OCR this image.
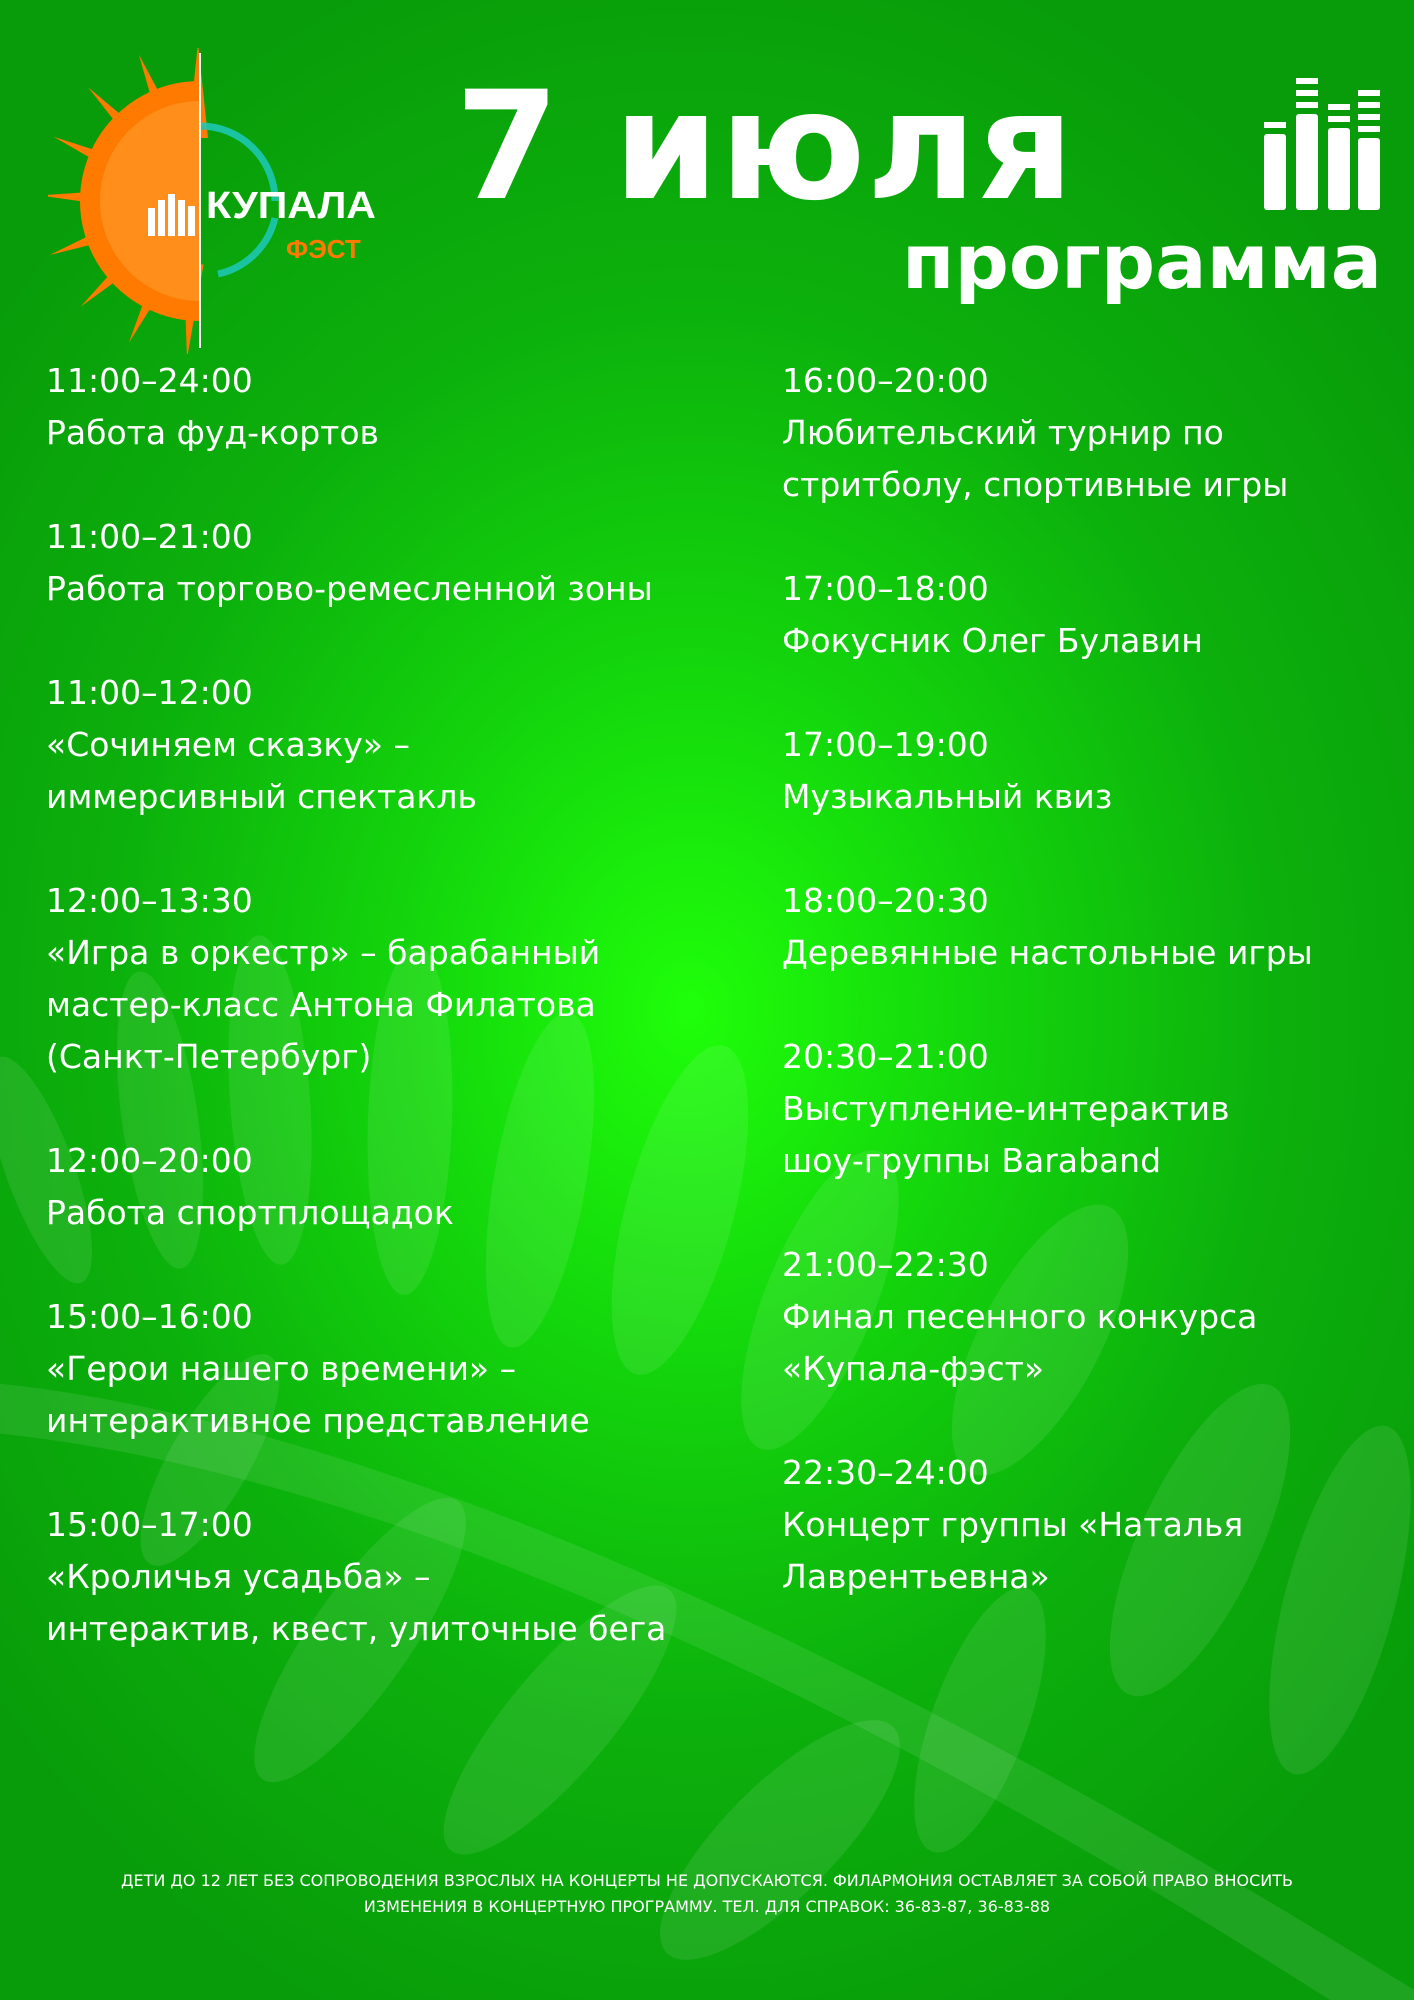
КУПАЛА
ФЭСТ
7 июля
программа
11:00–24:00
Работа фуд-кортов
11:00–21:00
Работа торгово-ремесленной зоны
11:00–12:00
«Сочиняем сказку» –
иммерсивный спектакль
12:00–13:30
«Игра в оркестр» – барабанный
мастер-класс Антона Филатова
(Санкт-Петербург)
12:00–20:00
Работа спортплощадок
15:00–16:00
«Герои нашего времени» –
интерактивное представление
15:00–17:00
«Кроличья усадьба» –
интерактив, квест, улиточные бега
16:00–20:00
Любительский турнир по
стритболу, спортивные игры
17:00–18:00
Фокусник Олег Булавин
17:00–19:00
Музыкальный квиз
18:00–20:30
Деревянные настольные игры
20:30–21:00
Выступление-интерактив
шоу-группы Baraband
21:00–22:30
Финал песенного конкурса
«Купала-фэст»
22:30–24:00
Концерт группы «Наталья
Лаврентьевна»
ДЕТИ ДО 12 ЛЕТ БЕЗ СОПРОВОДЕНИЯ ВЗРОСЛЫХ НА КОНЦЕРТЫ НЕ ДОПУСКАЮТСЯ. ФИЛАРМОНИЯ ОСТАВЛЯЕТ ЗА СОБОЙ ПРАВО ВНОСИТЬ
ИЗМЕНЕНИЯ В КОНЦЕРТНУЮ ПРОГРАММУ. ТЕЛ. ДЛЯ СПРАВОК: 36-83-87, 36-83-88
